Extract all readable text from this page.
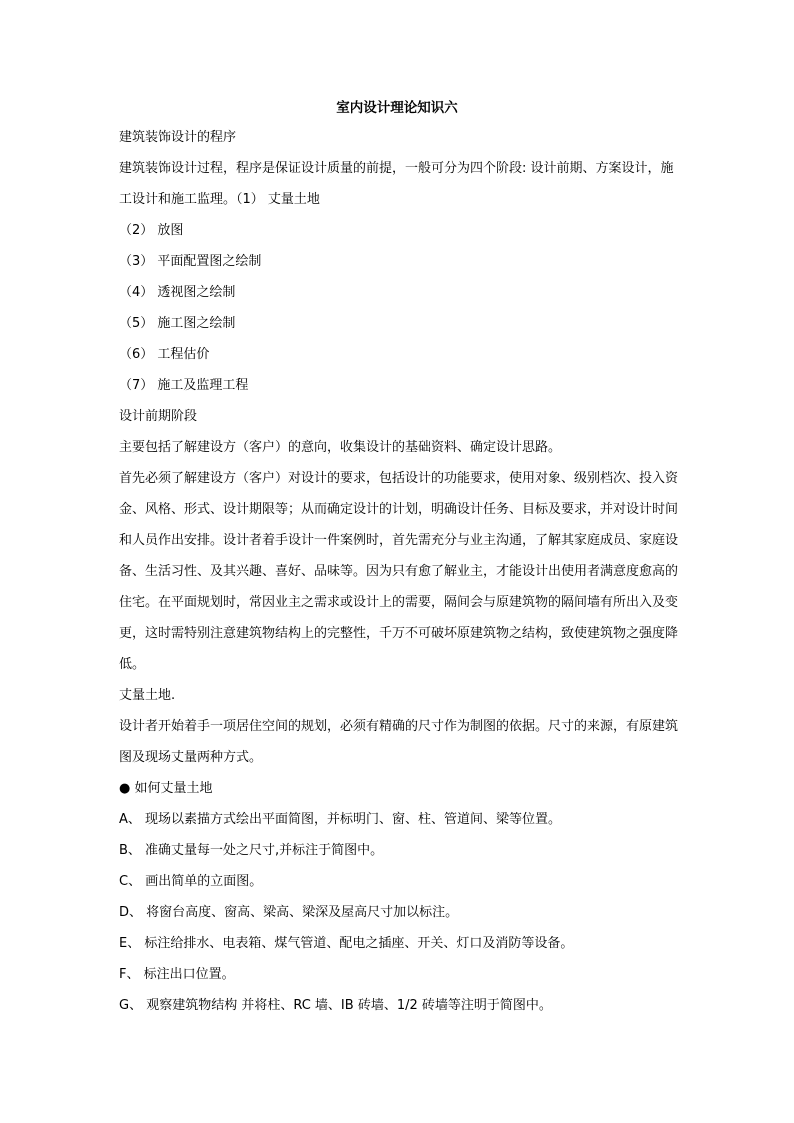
室内设计理论知识六

建筑装饰设计的程序

建筑装饰设计过程，程序是保证设计质量的前提，一般可分为四个阶段: 设计前期、方案设计，施工设计和施工监理。（1） 丈量土地

（2） 放图

（3） 平面配置图之绘制

（4） 透视图之绘制

（5） 施工图之绘制

（6） 工程估价

（7） 施工及监理工程

设计前期阶段

主要包括了解建设方（客户）的意向，收集设计的基础资料、确定设计思路。

首先必须了解建设方（客户）对设计的要求，包括设计的功能要求，使用对象、级别档次、投入资金、风格、形式、设计期限等；从而确定设计的计划，明确设计任务、目标及要求，并对设计时间和人员作出安排。设计者着手设计一件案例时，首先需充分与业主沟通，了解其家庭成员、家庭设备、生活习性、及其兴趣、喜好、品味等。因为只有愈了解业主，才能设计出使用者满意度愈高的住宅。在平面规划时，常因业主之需求或设计上的需要，隔间会与原建筑物的隔间墙有所出入及变更，这时需特别注意建筑物结构上的完整性，千万不可破坏原建筑物之结构，致使建筑物之强度降低。

丈量土地.

设计者开始着手一项居住空间的规划，必须有精确的尺寸作为制图的依据。尺寸的来源，有原建筑图及现场丈量两种方式。

● 如何丈量土地

A、 现场以素描方式绘出平面简图，并标明门、窗、柱、管道间、梁等位置。

B、 准确丈量每一处之尺寸,并标注于简图中。

C、 画出简单的立面图。

D、 将窗台高度、窗高、梁高、梁深及屋高尺寸加以标注。

E、 标注给排水、电表箱、煤气管道、配电之插座、开关、灯口及消防等设备。

F、 标注出口位置。

G、 观察建筑物结构 并将柱、RC 墙、IB 砖墙、1/2 砖墙等注明于简图中。
